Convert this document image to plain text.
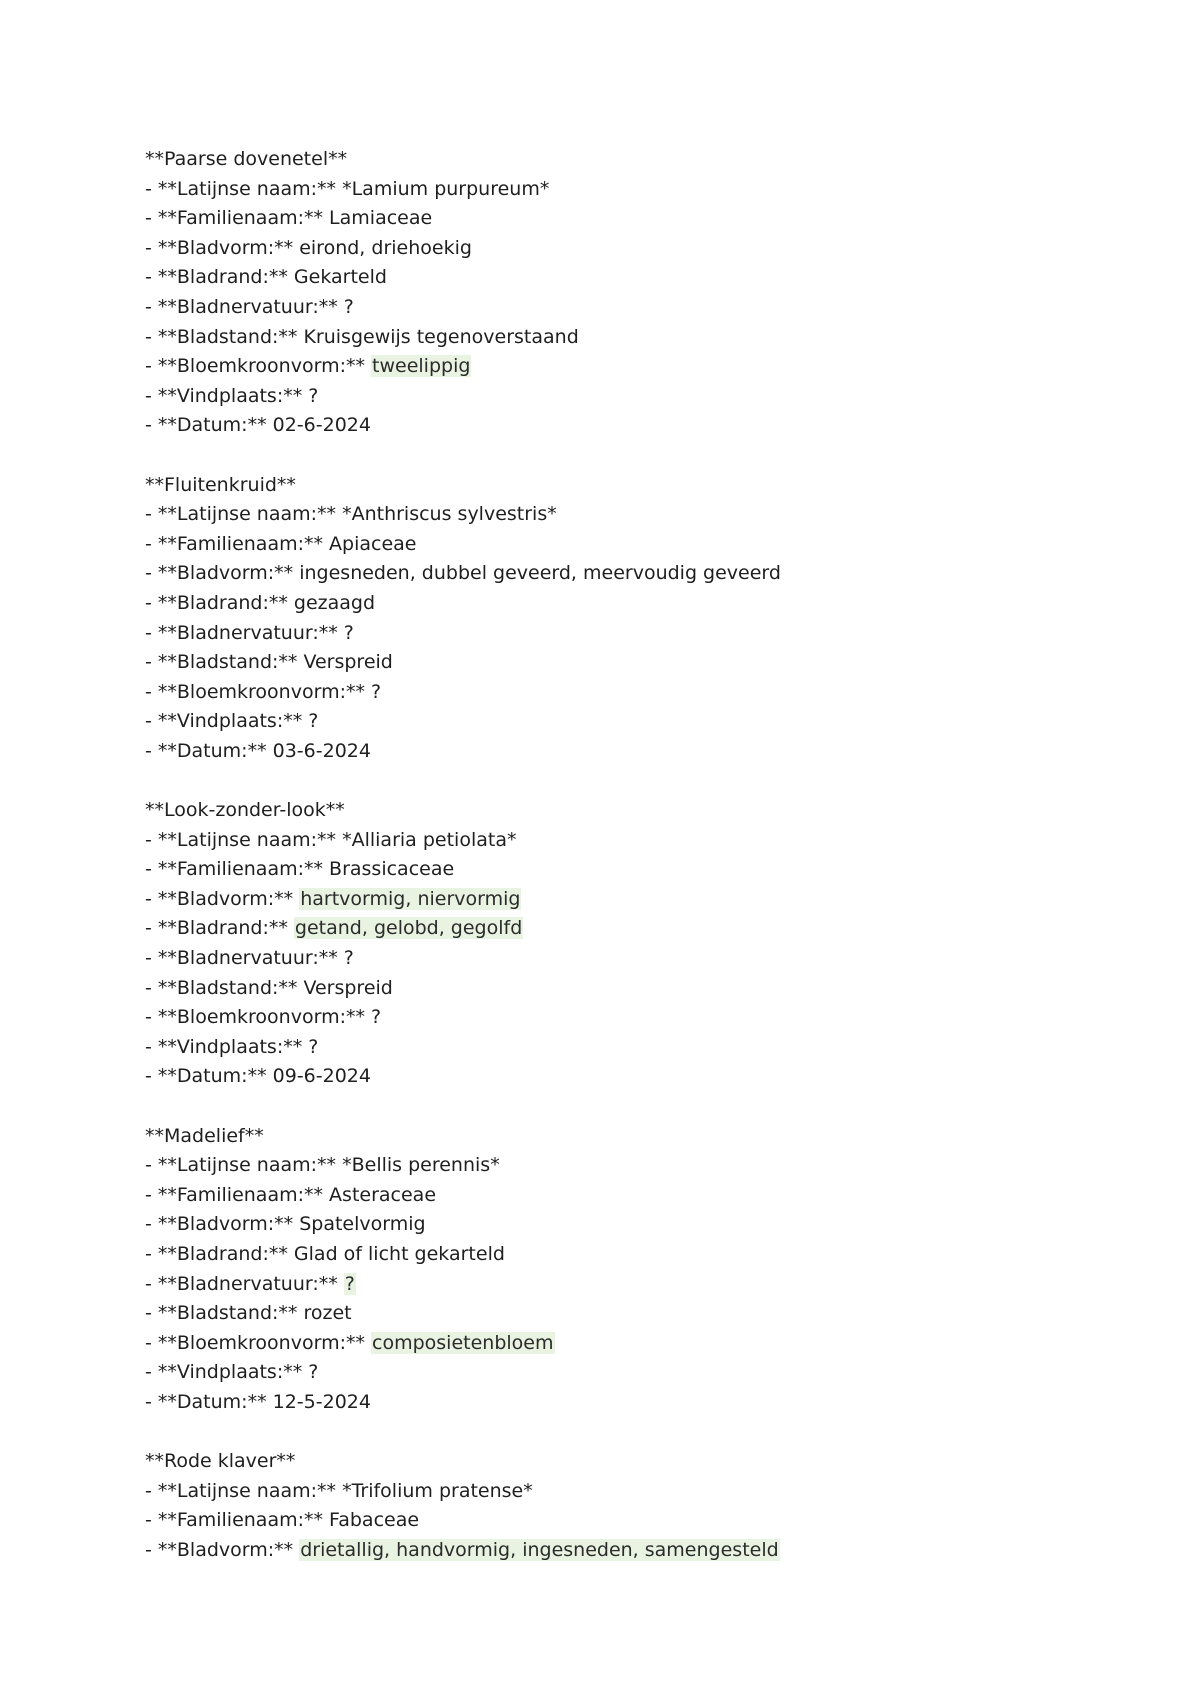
**Paarse dovenetel**
- **Latijnse naam:** *Lamium purpureum*
- **Familienaam:** Lamiaceae
- **Bladvorm:** eirond, driehoekig
- **Bladrand:** Gekarteld
- **Bladnervatuur:** ?
- **Bladstand:** Kruisgewijs tegenoverstaand
- **Bloemkroonvorm:** tweelippig
- **Vindplaats:** ?
- **Datum:** 02-6-2024
**Fluitenkruid**
- **Latijnse naam:** *Anthriscus sylvestris*
- **Familienaam:** Apiaceae
- **Bladvorm:** ingesneden, dubbel geveerd, meervoudig geveerd
- **Bladrand:** gezaagd
- **Bladnervatuur:** ?
- **Bladstand:** Verspreid
- **Bloemkroonvorm:** ?
- **Vindplaats:** ?
- **Datum:** 03-6-2024
**Look-zonder-look**
- **Latijnse naam:** *Alliaria petiolata*
- **Familienaam:** Brassicaceae
- **Bladvorm:** hartvormig, niervormig
- **Bladrand:** getand, gelobd, gegolfd
- **Bladnervatuur:** ?
- **Bladstand:** Verspreid
- **Bloemkroonvorm:** ?
- **Vindplaats:** ?
- **Datum:** 09-6-2024
**Madelief**
- **Latijnse naam:** *Bellis perennis*
- **Familienaam:** Asteraceae
- **Bladvorm:** Spatelvormig
- **Bladrand:** Glad of licht gekarteld
- **Bladnervatuur:** ?
- **Bladstand:** rozet
- **Bloemkroonvorm:** composietenbloem
- **Vindplaats:** ?
- **Datum:** 12-5-2024
**Rode klaver**
- **Latijnse naam:** *Trifolium pratense*
- **Familienaam:** Fabaceae
- **Bladvorm:** drietallig, handvormig, ingesneden, samengesteld
